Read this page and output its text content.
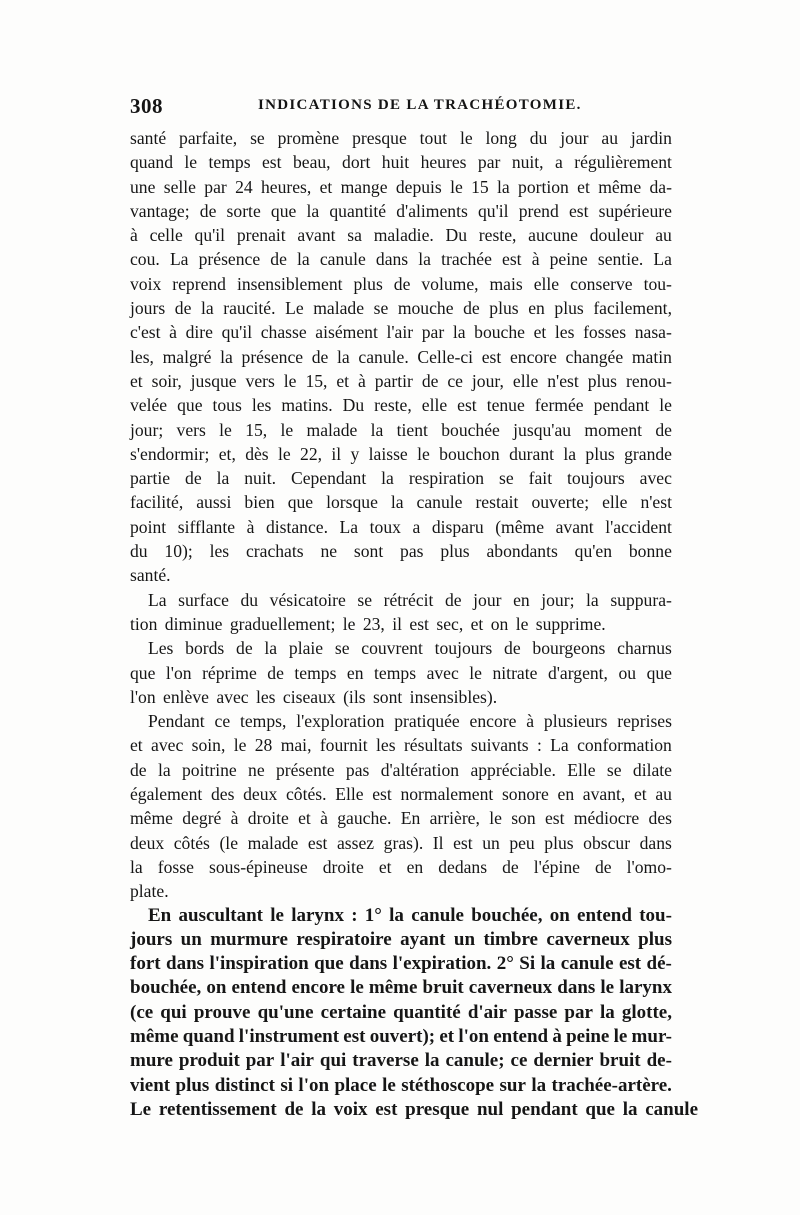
308	INDICATIONS DE LA TRACHÉOTOMIE.
santé parfaite, se promène presque tout le long du jour au jardin
quand le temps est beau, dort huit heures par nuit, a régulièrement
une selle par 24 heures, et mange depuis le 15 la portion et même da-
vantage; de sorte que la quantité d'aliments qu'il prend est supérieure
à celle qu'il prenait avant sa maladie. Du reste, aucune douleur au
cou. La présence de la canule dans la trachée est à peine sentie. La
voix reprend insensiblement plus de volume, mais elle conserve tou-
jours de la raucité. Le malade se mouche de plus en plus facilement,
c'est à dire qu'il chasse aisément l'air par la bouche et les fosses nasa-
les, malgré la présence de la canule. Celle-ci est encore changée matin
et soir, jusque vers le 15, et à partir de ce jour, elle n'est plus renou-
velée que tous les matins. Du reste, elle est tenue fermée pendant le
jour; vers le 15, le malade la tient bouchée jusqu'au moment de
s'endormir; et, dès le 22, il y laisse le bouchon durant la plus grande
partie de la nuit. Cependant la respiration se fait toujours avec
facilité, aussi bien que lorsque la canule restait ouverte; elle n'est
point sifflante à distance. La toux a disparu (même avant l'accident
du 10); les crachats ne sont pas plus abondants qu'en bonne
santé.
La surface du vésicatoire se rétrécit de jour en jour; la suppura-
tion diminue graduellement; le 23, il est sec, et on le supprime.
Les bords de la plaie se couvrent toujours de bourgeons charnus
que l'on réprime de temps en temps avec le nitrate d'argent, ou que
l'on enlève avec les ciseaux (ils sont insensibles).
Pendant ce temps, l'exploration pratiquée encore à plusieurs reprises
et avec soin, le 28 mai, fournit les résultats suivants : La conformation
de la poitrine ne présente pas d'altération appréciable. Elle se dilate
également des deux côtés. Elle est normalement sonore en avant, et au
même degré à droite et à gauche. En arrière, le son est médiocre des
deux côtés (le malade est assez gras). Il est un peu plus obscur dans
la fosse sous-épineuse droite et en dedans de l'épine de l'omo-
plate.
En auscultant le larynx : 1° la canule bouchée, on entend tou-
jours un murmure respiratoire ayant un timbre caverneux plus
fort dans l'inspiration que dans l'expiration. 2° Si la canule est dé-
bouchée, on entend encore le même bruit caverneux dans le larynx
(ce qui prouve qu'une certaine quantité d'air passe par la glotte,
même quand l'instrument est ouvert); et l'on entend à peine le mur-
mure produit par l'air qui traverse la canule; ce dernier bruit de-
vient plus distinct si l'on place le stéthoscope sur la trachée-artère.
Le retentissement de la voix est presque nul pendant que la canule
